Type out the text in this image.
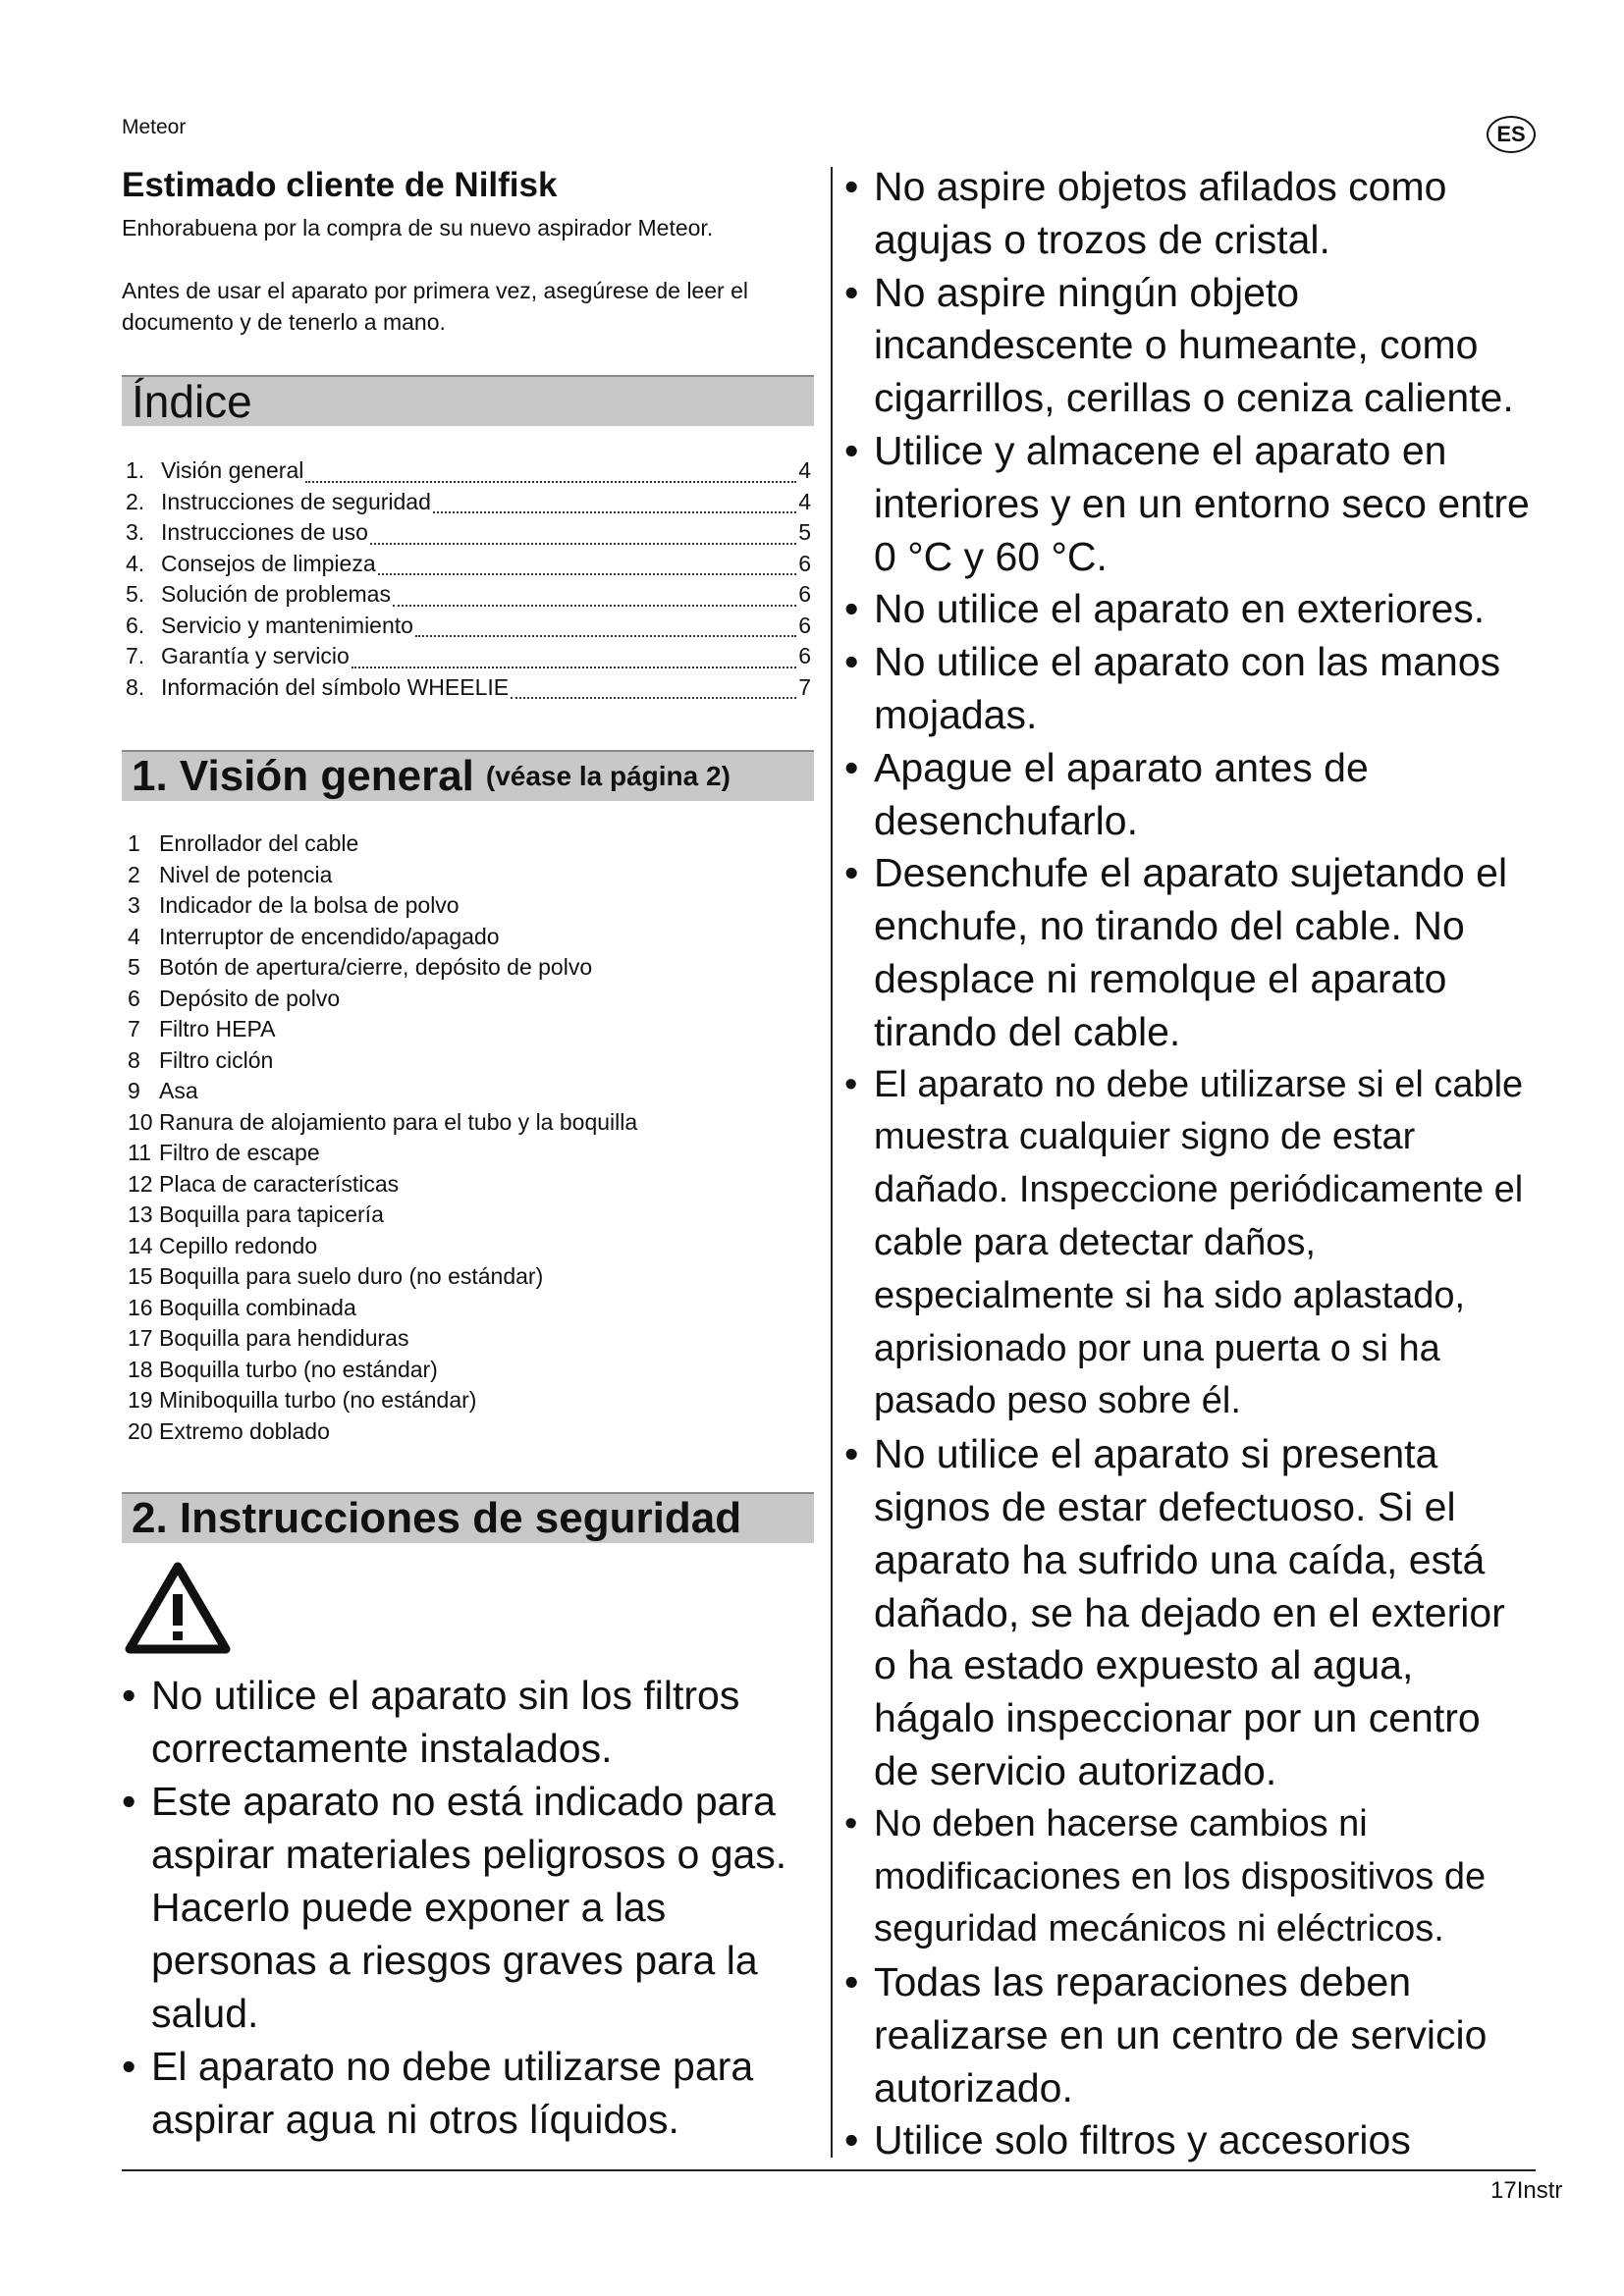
Meteor	ES
Estimado cliente de Nilfisk

Enhorabuena por la compra de su nuevo aspirador Meteor.

Antes de usar el aparato por primera vez, asegúrese de leer el documento y de tenerlo a mano.

Índice
1. Visión general	4
2. Instrucciones de seguridad	4
3. Instrucciones de uso	5
4. Consejos de limpieza	6
5. Solución de problemas	6
6. Servicio y mantenimiento	6
7. Garantía y servicio	6
8. Información del símbolo WHEELIE	7
1. Visión general (véase la página 2)
1 Enrollador del cable
2 Nivel de potencia
3 Indicador de la bolsa de polvo
4 Interruptor de encendido/apagado
5 Botón de apertura/cierre, depósito de polvo
6 Depósito de polvo
7 Filtro HEPA
8 Filtro ciclón
9 Asa
10 Ranura de alojamiento para el tubo y la boquilla
11 Filtro de escape
12 Placa de características
13 Boquilla para tapicería
14 Cepillo redondo
15 Boquilla para suelo duro (no estándar)
16 Boquilla combinada
17 Boquilla para hendiduras
18 Boquilla turbo (no estándar)
19 Miniboquilla turbo (no estándar)
20 Extremo doblado
2. Instrucciones de seguridad
• No utilice el aparato sin los filtros correctamente instalados.
• Este aparato no está indicado para aspirar materiales peligrosos o gas. Hacerlo puede exponer a las personas a riesgos graves para la salud.
• El aparato no debe utilizarse para aspirar agua ni otros líquidos.
• No aspire objetos afilados como agujas o trozos de cristal.
• No aspire ningún objeto incandescente o humeante, como cigarrillos, cerillas o ceniza caliente.
• Utilice y almacene el aparato en interiores y en un entorno seco entre 0 °C y 60 °C.
• No utilice el aparato en exteriores.
• No utilice el aparato con las manos mojadas.
• Apague el aparato antes de desenchufarlo.
• Desenchufe el aparato sujetando el enchufe, no tirando del cable. No desplace ni remolque el aparato tirando del cable.
• El aparato no debe utilizarse si el cable muestra cualquier signo de estar dañado. Inspeccione periódicamente el cable para detectar daños, especialmente si ha sido aplastado, aprisionado por una puerta o si ha pasado peso sobre él.
• No utilice el aparato si presenta signos de estar defectuoso. Si el aparato ha sufrido una caída, está dañado, se ha dejado en el exterior o ha estado expuesto al agua, hágalo inspeccionar por un centro de servicio autorizado.
• No deben hacerse cambios ni modificaciones en los dispositivos de seguridad mecánicos ni eléctricos.
• Todas las reparaciones deben realizarse en un centro de servicio autorizado.
• Utilice solo filtros y accesorios
17Instr
